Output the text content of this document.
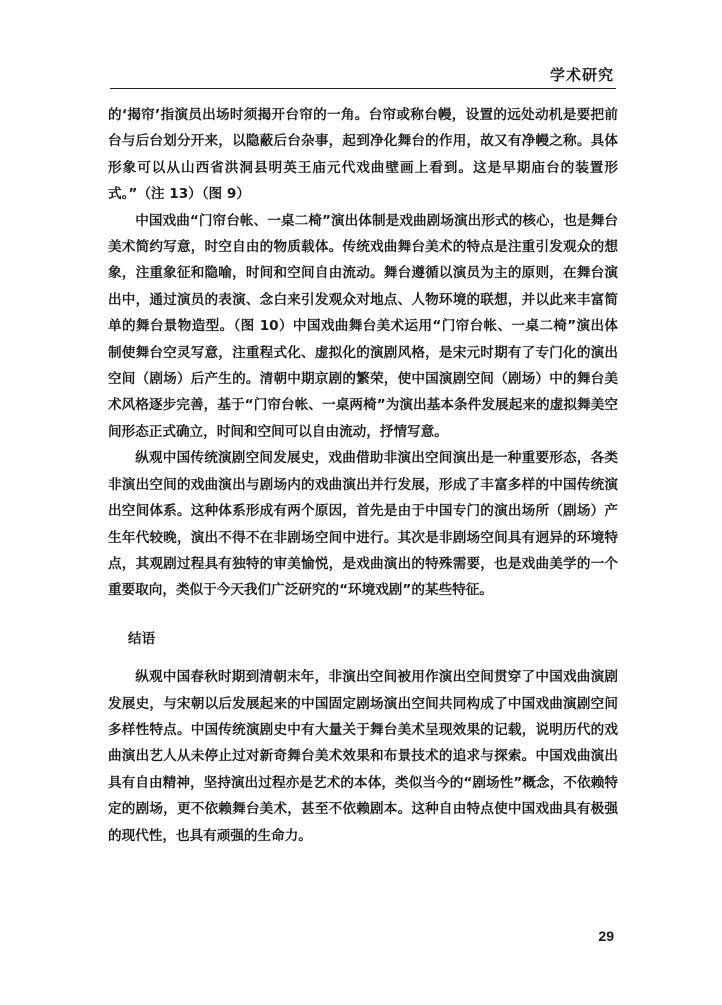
学术研究

的‘揭帘’指演员出场时须揭开台帘的一角。台帘或称台幔，设置的远处动机是要把前台与后台划分开来，以隐蔽后台杂事，起到净化舞台的作用，故又有净幔之称。具体形象可以从山西省洪洞县明英王庙元代戏曲壁画上看到。这是早期庙台的装置形式。”（注 13）（图 9）

中国戏曲“门帘台帐、一桌二椅”演出体制是戏曲剧场演出形式的核心，也是舞台美术简约写意，时空自由的物质载体。传统戏曲舞台美术的特点是注重引发观众的想象，注重象征和隐喻，时间和空间自由流动。舞台遵循以演员为主的原则，在舞台演出中，通过演员的表演、念白来引发观众对地点、人物环境的联想，并以此来丰富简单的舞台景物造型。（图 10）中国戏曲舞台美术运用“门帘台帐、一桌二椅”演出体制使舞台空灵写意，注重程式化、虚拟化的演剧风格，是宋元时期有了专门化的演出空间（剧场）后产生的。清朝中期京剧的繁荣，使中国演剧空间（剧场）中的舞台美术风格逐步完善，基于“门帘台帐、一桌两椅”为演出基本条件发展起来的虚拟舞美空间形态正式确立，时间和空间可以自由流动，抒情写意。

纵观中国传统演剧空间发展史，戏曲借助非演出空间演出是一种重要形态，各类非演出空间的戏曲演出与剧场内的戏曲演出并行发展，形成了丰富多样的中国传统演出空间体系。这种体系形成有两个原因，首先是由于中国专门的演出场所（剧场）产生年代较晚，演出不得不在非剧场空间中进行。其次是非剧场空间具有迥异的环境特点，其观剧过程具有独特的审美愉悦，是戏曲演出的特殊需要，也是戏曲美学的一个重要取向，类似于今天我们广泛研究的“环境戏剧”的某些特征。

结语

纵观中国春秋时期到清朝末年，非演出空间被用作演出空间贯穿了中国戏曲演剧发展史，与宋朝以后发展起来的中国固定剧场演出空间共同构成了中国戏曲演剧空间多样性特点。中国传统演剧史中有大量关于舞台美术呈现效果的记载，说明历代的戏曲演出艺人从未停止过对新奇舞台美术效果和布景技术的追求与探索。中国戏曲演出具有自由精神，坚持演出过程亦是艺术的本体，类似当今的“剧场性”概念，不依赖特定的剧场，更不依赖舞台美术，甚至不依赖剧本。这种自由特点使中国戏曲具有极强的现代性，也具有顽强的生命力。

29
